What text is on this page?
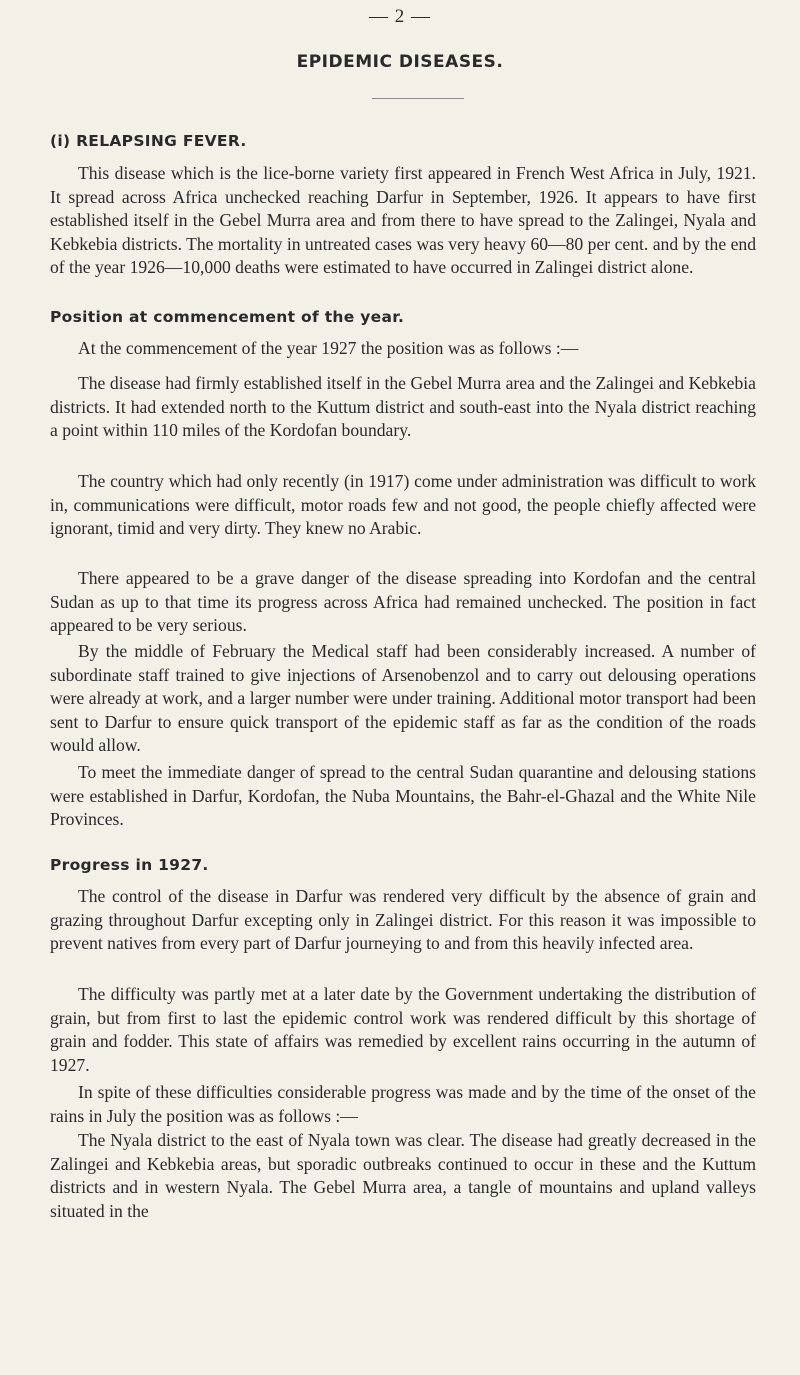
— 2 —
EPIDEMIC DISEASES.
(i) RELAPSING FEVER.

This disease which is the lice-borne variety first appeared in French West Africa in July, 1921. It spread across Africa unchecked reaching Darfur in September, 1926. It appears to have first established itself in the Gebel Murra area and from there to have spread to the Zalingei, Nyala and Kebkebia districts. The mortality in untreated cases was very heavy 60—80 per cent. and by the end of the year 1926—10,000 deaths were estimated to have occurred in Zalingei district alone.

Position at commencement of the year.

At the commencement of the year 1927 the position was as follows :—

The disease had firmly established itself in the Gebel Murra area and the Zalingei and Kebkebia districts. It had extended north to the Kuttum district and south-east into the Nyala district reaching a point within 110 miles of the Kordofan boundary.

The country which had only recently (in 1917) come under administration was difficult to work in, communications were difficult, motor roads few and not good, the people chiefly affected were ignorant, timid and very dirty. They knew no Arabic.

There appeared to be a grave danger of the disease spreading into Kordofan and the central Sudan as up to that time its progress across Africa had remained unchecked. The position in fact appeared to be very serious.

By the middle of February the Medical staff had been considerably increased. A number of subordinate staff trained to give injections of Arsenobenzol and to carry out delousing operations were already at work, and a larger number were under training. Additional motor transport had been sent to Darfur to ensure quick transport of the epidemic staff as far as the condition of the roads would allow.

To meet the immediate danger of spread to the central Sudan quarantine and delousing stations were established in Darfur, Kordofan, the Nuba Mountains, the Bahr-el-Ghazal and the White Nile Provinces.

Progress in 1927.

The control of the disease in Darfur was rendered very difficult by the absence of grain and grazing throughout Darfur excepting only in Zalingei district. For this reason it was impossible to prevent natives from every part of Darfur journeying to and from this heavily infected area.

The difficulty was partly met at a later date by the Government undertaking the distribution of grain, but from first to last the epidemic control work was rendered difficult by this shortage of grain and fodder. This state of affairs was remedied by excellent rains occurring in the autumn of 1927.

In spite of these difficulties considerable progress was made and by the time of the onset of the rains in July the position was as follows :—

The Nyala district to the east of Nyala town was clear. The disease had greatly decreased in the Zalingei and Kebkebia areas, but sporadic outbreaks continued to occur in these and the Kuttum districts and in western Nyala. The Gebel Murra area, a tangle of mountains and upland valleys situated in the
